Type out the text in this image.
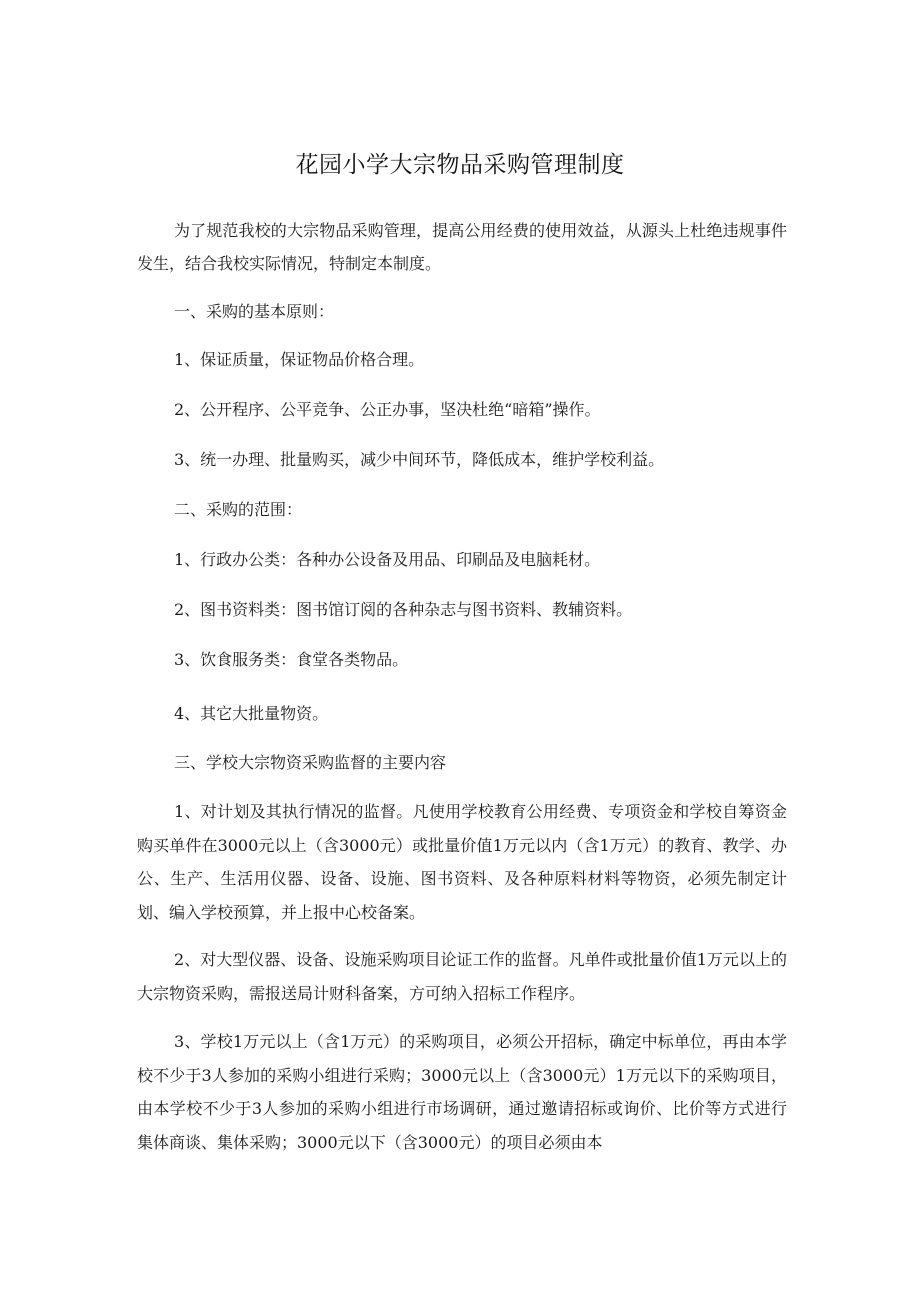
花园小学大宗物品采购管理制度

为了规范我校的大宗物品采购管理，提高公用经费的使用效益，从源头上杜绝违规事件发生，结合我校实际情况，特制定本制度。

一、采购的基本原则：

1、保证质量，保证物品价格合理。

2、公开程序、公平竞争、公正办事，坚决杜绝“暗箱”操作。

3、统一办理、批量购买，减少中间环节，降低成本，维护学校利益。

二、采购的范围：

1、行政办公类：各种办公设备及用品、印刷品及电脑耗材。

2、图书资料类：图书馆订阅的各种杂志与图书资料、教辅资料。

3、饮食服务类：食堂各类物品。

4、其它大批量物资。

三、学校大宗物资采购监督的主要内容

1、对计划及其执行情况的监督。凡使用学校教育公用经费、专项资金和学校自筹资金购买单件在3000元以上（含3000元）或批量价值1万元以内（含1万元）的教育、教学、办公、生产、生活用仪器、设备、设施、图书资料、及各种原料材料等物资，必须先制定计划、编入学校预算，并上报中心校备案。

2、对大型仪器、设备、设施采购项目论证工作的监督。凡单件或批量价值1万元以上的大宗物资采购，需报送局计财科备案，方可纳入招标工作程序。

3、学校1万元以上（含1万元）的采购项目，必须公开招标，确定中标单位，再由本学校不少于3人参加的采购小组进行采购；3000元以上（含3000元）1万元以下的采购项目，由本学校不少于3人参加的采购小组进行市场调研，通过邀请招标或询价、比价等方式进行集体商谈、集体采购；3000元以下（含3000元）的项目必须由本
